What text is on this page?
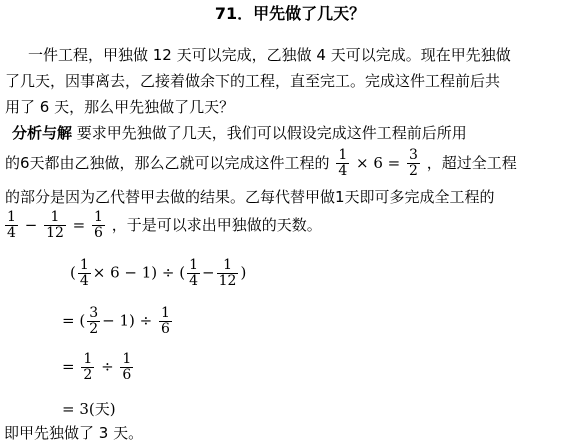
71．甲先做了几天？
一件工程，甲独做 12 天可以完成，乙独做 4 天可以完成。现在甲先独做
了几天，因事离去，乙接着做余下的工程，直至完工。完成这件工程前后共
用了 6 天，那么甲先独做了几天？
分析与解 要求甲先独做了几天，我们可以假设完成这件工程前后所用
的6天都由乙独做，那么乙就可以完成这件工程的 $\frac{1}{4} \times 6 = \frac{3}{2}$ ，超过全工程
的部分是因为乙代替甲去做的结果。乙每代替甲做1天即可多完成全工程的
$\frac{1}{4} - \frac{1}{12} = \frac{1}{6}$ ，于是可以求出甲独做的天数。
( $\frac{1}{4} \times 6 - 1$) ÷ ( $\frac{1}{4} - \frac{1}{12}$ )
= ( $\frac{3}{2} - 1) \div \frac{1}{6}$
= $\frac{1}{2} \div \frac{1}{6}$
= 3(天)
即甲先独做了 3 天。
